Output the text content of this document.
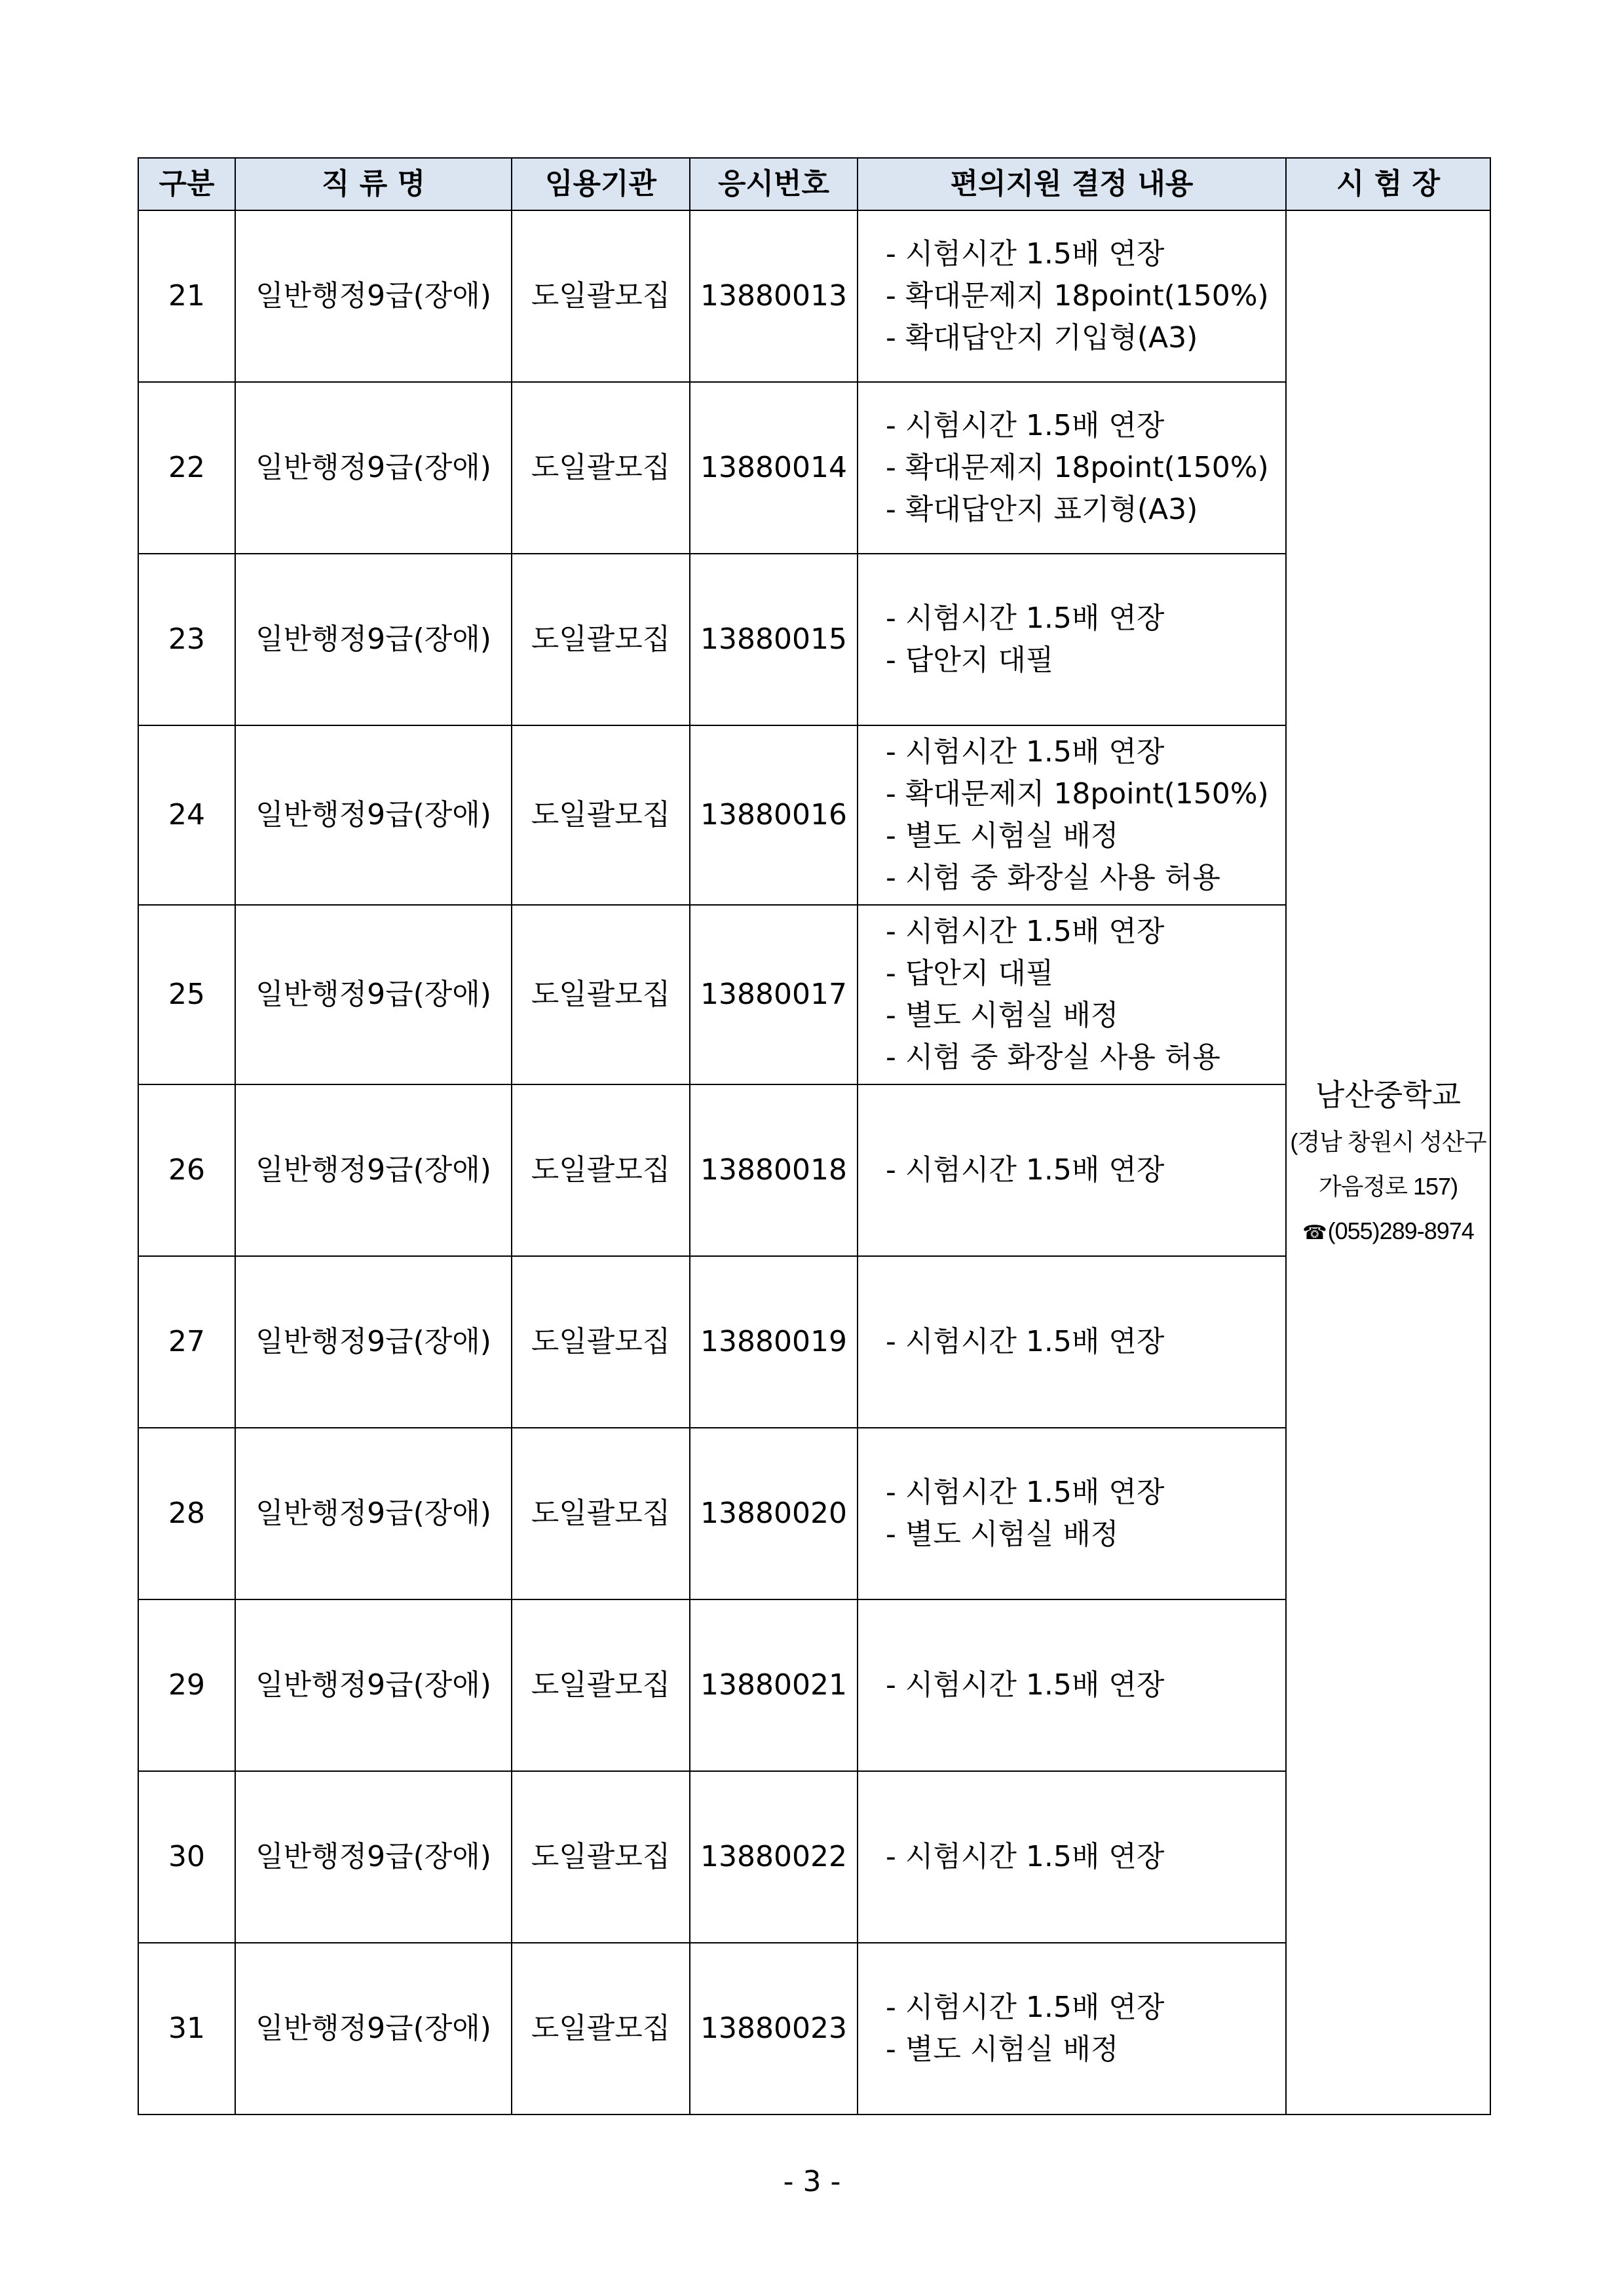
구분	직 류 명	임용기관	응시번호	편의지원 결정 내용	시 험 장
21	일반행정9급(장애)	도일괄모집	13880013	- 시험시간 1.5배 연장
- 확대문제지 18point(150%)
- 확대답안지 기입형(A3)	남산중학교
(경남 창원시 성산구
가음정로 157)
☎(055)289-8974

22	일반행정9급(장애)	도일괄모집	13880014	- 시험시간 1.5배 연장
- 확대문제지 18point(150%)
- 확대답안지 표기형(A3)	

23	일반행정9급(장애)	도일괄모집	13880015	- 시험시간 1.5배 연장
- 답안지 대필	

24	일반행정9급(장애)	도일괄모집	13880016	- 시험시간 1.5배 연장
- 확대문제지 18point(150%)
- 별도 시험실 배정
- 시험 중 화장실 사용 허용	

25	일반행정9급(장애)	도일괄모집	13880017	- 시험시간 1.5배 연장
- 답안지 대필
- 별도 시험실 배정
- 시험 중 화장실 사용 허용	

26	일반행정9급(장애)	도일괄모집	13880018	- 시험시간 1.5배 연장	

27	일반행정9급(장애)	도일괄모집	13880019	- 시험시간 1.5배 연장	

28	일반행정9급(장애)	도일괄모집	13880020	- 시험시간 1.5배 연장
- 별도 시험실 배정	

29	일반행정9급(장애)	도일괄모집	13880021	- 시험시간 1.5배 연장	

30	일반행정9급(장애)	도일괄모집	13880022	- 시험시간 1.5배 연장	

31	일반행정9급(장애)	도일괄모집	13880023	- 시험시간 1.5배 연장
- 별도 시험실 배정	
- 3 -
